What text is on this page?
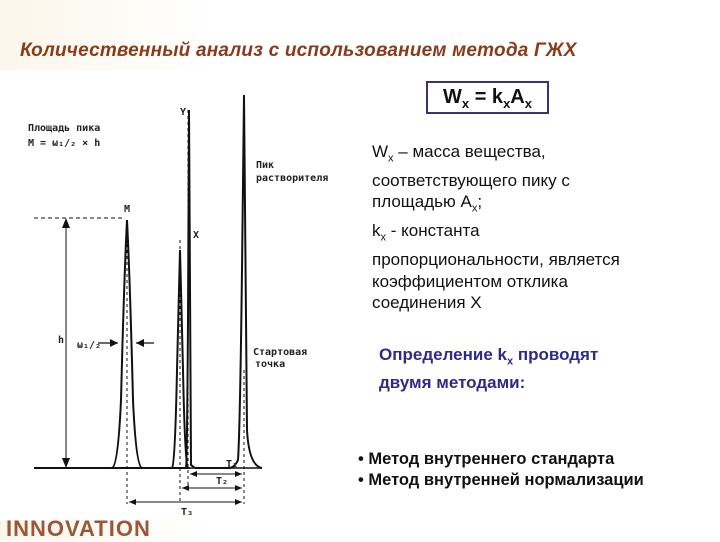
Количественный анализ с использованием метода ГЖХ
$W_x = k_xA_x$
$W_x$ – масса вещества,
соответствующего пику с
площадью $A_x$;
$k_x$ - константа
пропорциональности, является
коэффициентом отклика
соединения X
Определение $k_x$ проводят
двумя методами:
• Метод внутреннего стандарта
• Метод внутренней нормализации
Площадь пика
M = ω₁/₂ × h
Y
X
M
Пик
растворителя
Стартовая
точка
h ω₁/₂
T₁
T₂
T₃
INNOVATION
